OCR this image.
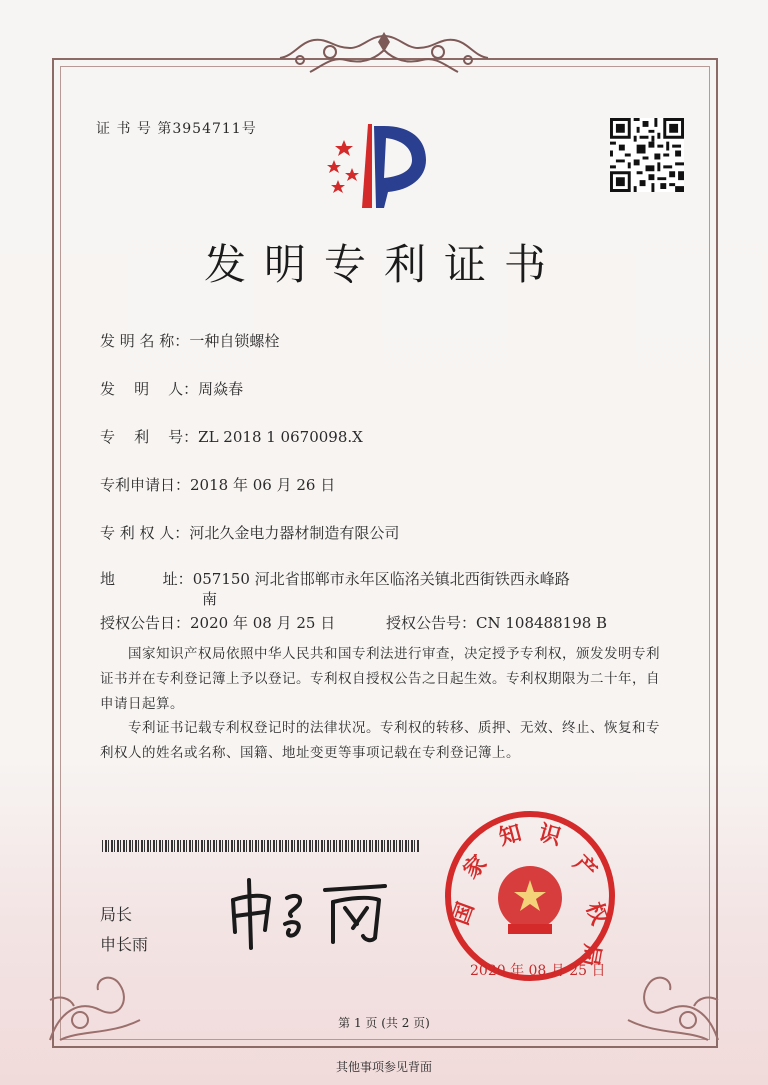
证 书 号 第3954711号
发明专利证书
发 明 名 称：一种自锁螺栓
发    明    人：周焱春
专    利    号：ZL 2018 1 0670098.X
专利申请日：2018 年 06 月 26 日
专 利 权 人：河北久金电力器材制造有限公司
地          址：057150 河北省邯郸市永年区临洺关镇北西街铁西永峰路
南
授权公告日：2020 年 08 月 25 日	授权公告号：CN 108488198 B
国家知识产权局依照中华人民共和国专利法进行审查，决定授予专利权，颁发发明专利证书并在专利登记簿上予以登记。专利权自授权公告之日起生效。专利权期限为二十年，自申请日起算。
专利证书记载专利权登记时的法律状况。专利权的转移、质押、无效、终止、恢复和专利权人的姓名或名称、国籍、地址变更等事项记载在专利登记簿上。
局长
申长雨
国
家
知 识
产
权
局
2020 年 08 月 25 日
第 1 页 (共 2 页)
其他事项参见背面
